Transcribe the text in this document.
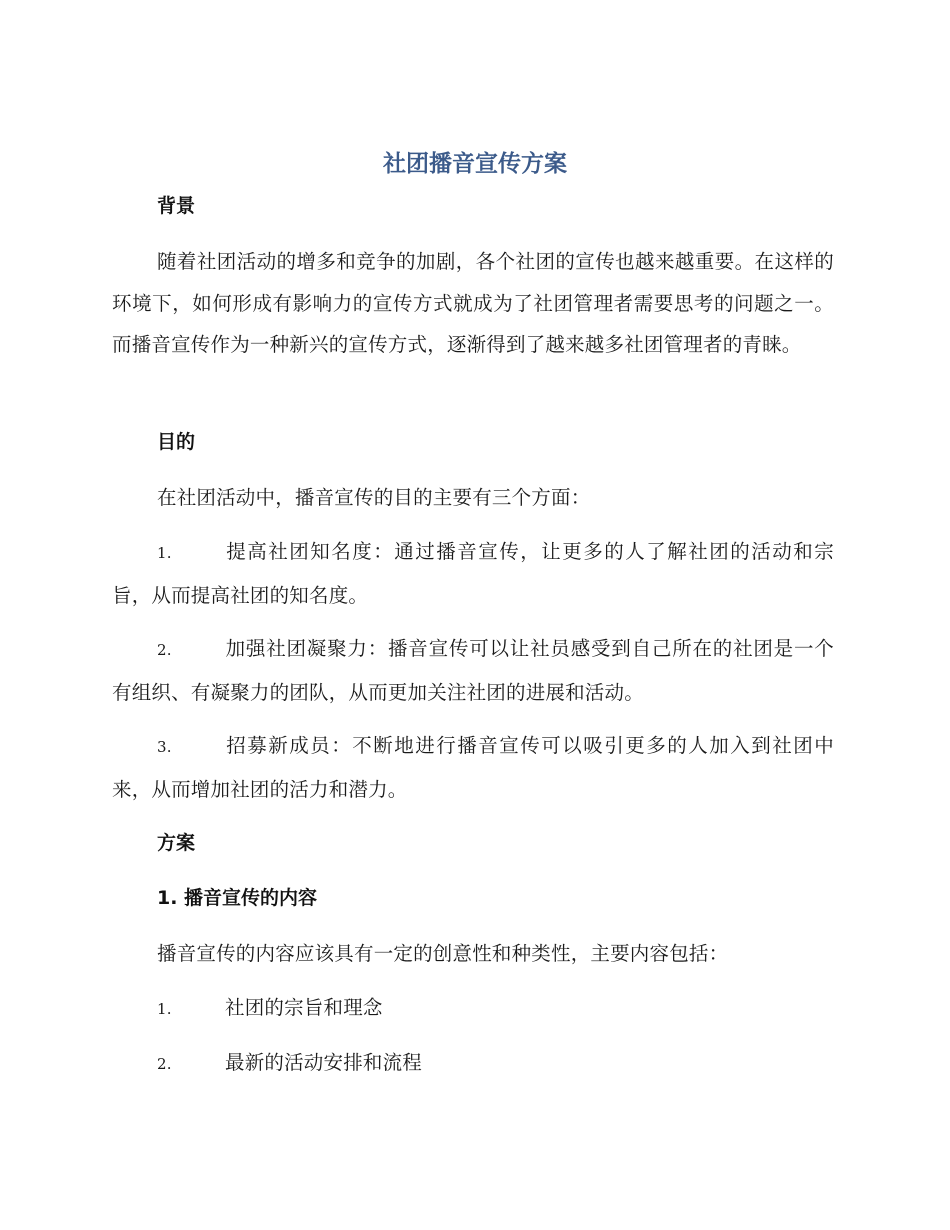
社团播音宣传方案
背景

随着社团活动的增多和竞争的加剧，各个社团的宣传也越来越重要。在这样的环境下，如何形成有影响力的宣传方式就成为了社团管理者需要思考的问题之一。而播音宣传作为一种新兴的宣传方式，逐渐得到了越来越多社团管理者的青睐。

目的

在社团活动中，播音宣传的目的主要有三个方面：

1.	提高社团知名度：通过播音宣传，让更多的人了解社团的活动和宗旨，从而提高社团的知名度。

2.	加强社团凝聚力：播音宣传可以让社员感受到自己所在的社团是一个有组织、有凝聚力的团队，从而更加关注社团的进展和活动。

3.	招募新成员：不断地进行播音宣传可以吸引更多的人加入到社团中来，从而增加社团的活力和潜力。

方案
1. 播音宣传的内容

播音宣传的内容应该具有一定的创意性和种类性，主要内容包括：

1.	社团的宗旨和理念

2.	最新的活动安排和流程
